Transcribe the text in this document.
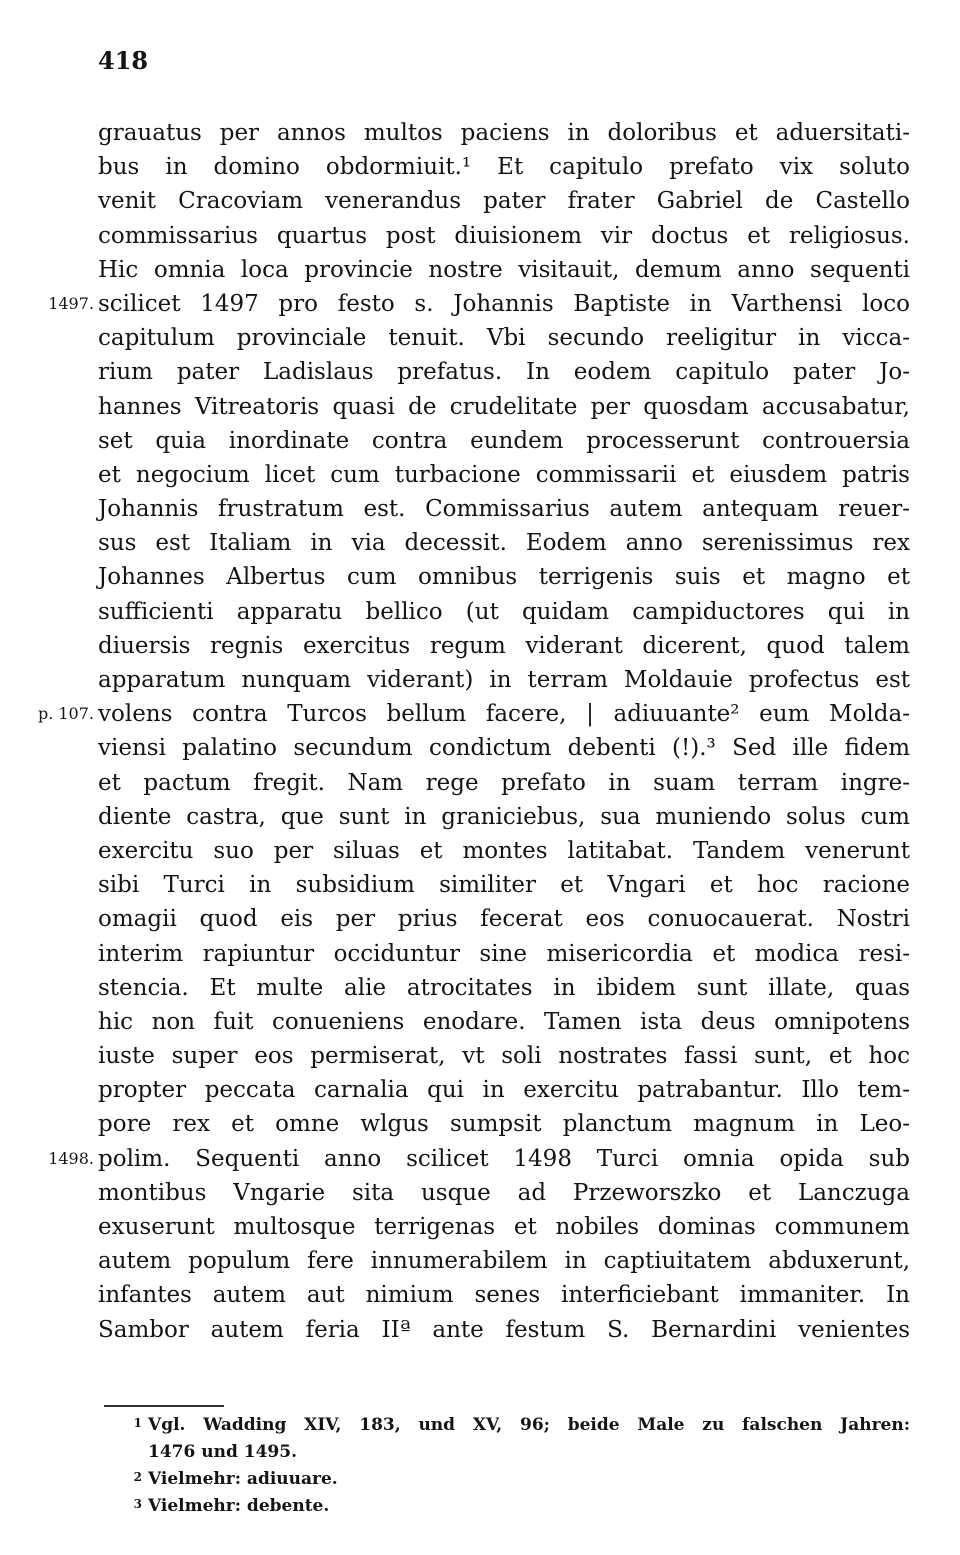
418
grauatus per annos multos paciens in doloribus et aduersitati-
bus in domino obdormiuit.¹ Et capitulo prefato vix soluto
venit Cracoviam venerandus pater frater Gabriel de Castello
commissarius quartus post diuisionem vir doctus et religiosus.
Hic omnia loca provincie nostre visitauit, demum anno sequenti
1497. scilicet 1497 pro festo s. Johannis Baptiste in Varthensi loco
capitulum provinciale tenuit. Vbi secundo reeligitur in vicca-
rium pater Ladislaus prefatus. In eodem capitulo pater Jo-
hannes Vitreatoris quasi de crudelitate per quosdam accusabatur,
set quia inordinate contra eundem processerunt controuersia
et negocium licet cum turbacione commissarii et eiusdem patris
Johannis frustratum est. Commissarius autem antequam reuer-
sus est Italiam in via decessit. Eodem anno serenissimus rex
Johannes Albertus cum omnibus terrigenis suis et magno et
sufficienti apparatu bellico (ut quidam campiductores qui in
diuersis regnis exercitus regum viderant dicerent, quod talem
apparatum nunquam viderant) in terram Moldauie profectus est
p. 107. volens contra Turcos bellum facere, | adiuuante² eum Molda-
viensi palatino secundum condictum debenti (!).³ Sed ille fidem
et pactum fregit. Nam rege prefato in suam terram ingre-
diente castra, que sunt in graniciebus, sua muniendo solus cum
exercitu suo per siluas et montes latitabat. Tandem venerunt
sibi Turci in subsidium similiter et Vngari et hoc racione
omagii quod eis per prius fecerat eos conuocauerat. Nostri
interim rapiuntur occiduntur sine misericordia et modica resi-
stencia. Et multe alie atrocitates in ibidem sunt illate, quas
hic non fuit conueniens enodare. Tamen ista deus omnipotens
iuste super eos permiserat, vt soli nostrates fassi sunt, et hoc
propter peccata carnalia qui in exercitu patrabantur. Illo tem-
pore rex et omne wlgus sumpsit planctum magnum in Leo-
1498. polim. Sequenti anno scilicet 1498 Turci omnia opida sub
montibus Vngarie sita usque ad Przeworszko et Lanczuga
exuserunt multosque terrigenas et nobiles dominas communem
autem populum fere innumerabilem in captiuitatem abduxerunt,
infantes autem aut nimium senes interficiebant immaniter. In
Sambor autem feria IIª ante festum S. Bernardini venientes
1 Vgl. Wadding XIV, 183, und XV, 96; beide Male zu falschen Jahren:
1476 und 1495.
2 Vielmehr: adiuuare.
3 Vielmehr: debente.
